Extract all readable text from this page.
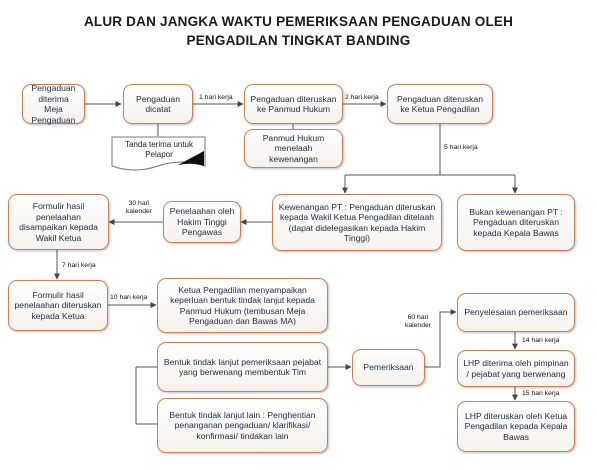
ALUR DAN JANGKA WAKTU PEMERIKSAAN PENGADUAN OLEH
PENGADILAN TINGKAT BANDING
Pengaduan diterima Meja Pengaduan
Pengaduan dicatat
Pengaduan diteruskan ke Panmud Hukum
Pengaduan diteruskan ke Ketua Pengadilan
Panmud Hukum menelaah kewenangan
Tanda terima untuk Pelapor
Kewenangan PT : Pengaduan diteruskan kepada Wakil Ketua Pengadilan ditelaah (dapat didelegasikan kepada Hakim Tinggi)
Bukan kewenangan PT : Pengaduan diteruskan kepada Kepala Bawas
Penelaahan oleh Hakim Tinggi Pengawas
Formulir hasil penelaahan disampaikan kepada Wakil Ketua
Formulir hasil penelaahan diteruskan kepada Ketua
Ketua Pengadilan menyampaikan keperluan bentuk tindak lanjut kepada Panmud Hukum (tembusan Meja Pengaduan dan Bawas MA)
Bentuk tindak lanjut pemeriksaan pejabat yang berwenang membentuk Tim
Bentuk tindak lanjut lain : Penghentian penanganan pengaduan/ klarifikasi/ konfirmasi/ tindakan lain
Pemeriksaan
Penyelesaian pemeriksaan
LHP diterima oleh pimpinan / pejabat yang berwenang
LHP diteruskan oleh Ketua Pengadilan kepada Kepala Bawas
1 hari kerja	2 hari kerja
5 hari kerja
30 hari kalender
7 hari kerja
10 hari kerja
60 hari kalender
14 hari kerja
15 hari kerja
